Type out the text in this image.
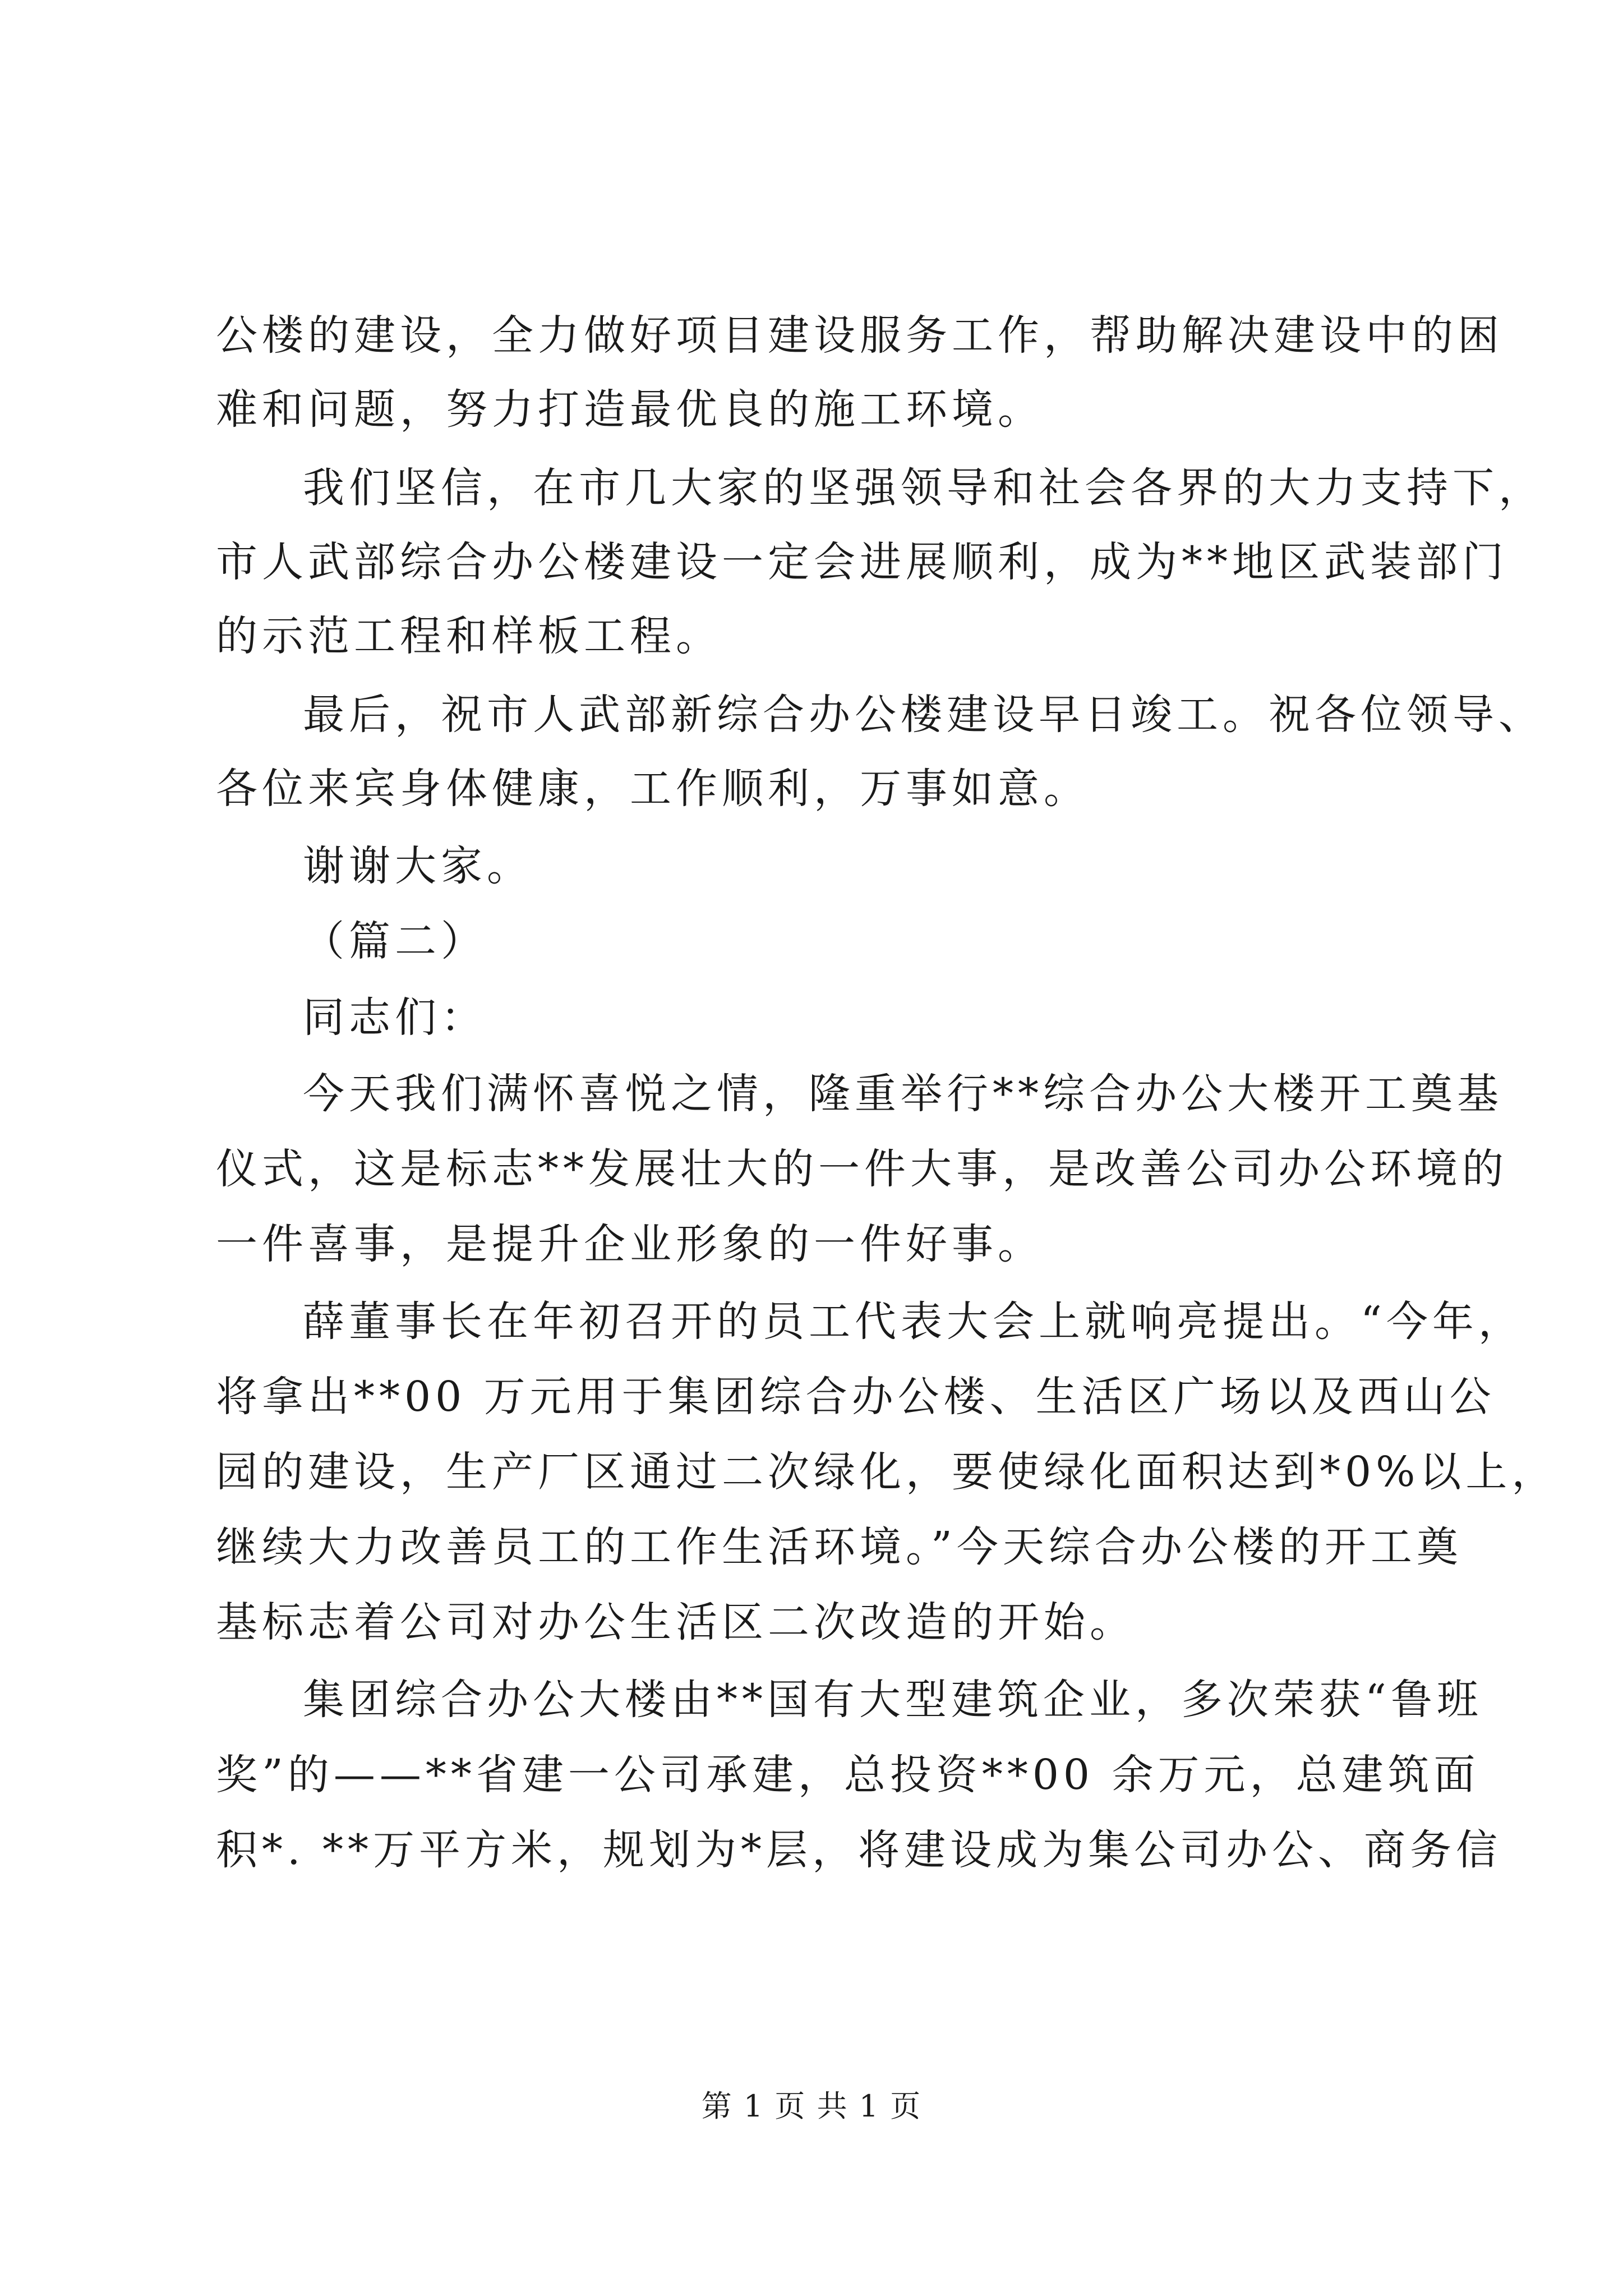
公楼的建设，全力做好项目建设服务工作，帮助解决建设中的困
难和问题，努力打造最优良的施工环境。
我们坚信，在市几大家的坚强领导和社会各界的大力支持下，
市人武部综合办公楼建设一定会进展顺利，成为**地区武装部门
的示范工程和样板工程。
最后，祝市人武部新综合办公楼建设早日竣工。祝各位领导、
各位来宾身体健康，工作顺利，万事如意。
谢谢大家。
（篇二）
同志们：
今天我们满怀喜悦之情，隆重举行**综合办公大楼开工奠基
仪式，这是标志**发展壮大的一件大事，是改善公司办公环境的
一件喜事，是提升企业形象的一件好事。
薛董事长在年初召开的员工代表大会上就响亮提出。“今年，
将拿出**00 万元用于集团综合办公楼、生活区广场以及西山公
园的建设，生产厂区通过二次绿化，要使绿化面积达到*0%以上，
继续大力改善员工的工作生活环境。”今天综合办公楼的开工奠
基标志着公司对办公生活区二次改造的开始。
集团综合办公大楼由**国有大型建筑企业，多次荣获“鲁班
奖”的——**省建一公司承建，总投资**00 余万元，总建筑面
积*. **万平方米，规划为*层，将建设成为集公司办公、商务信
第 1 页 共 1 页
